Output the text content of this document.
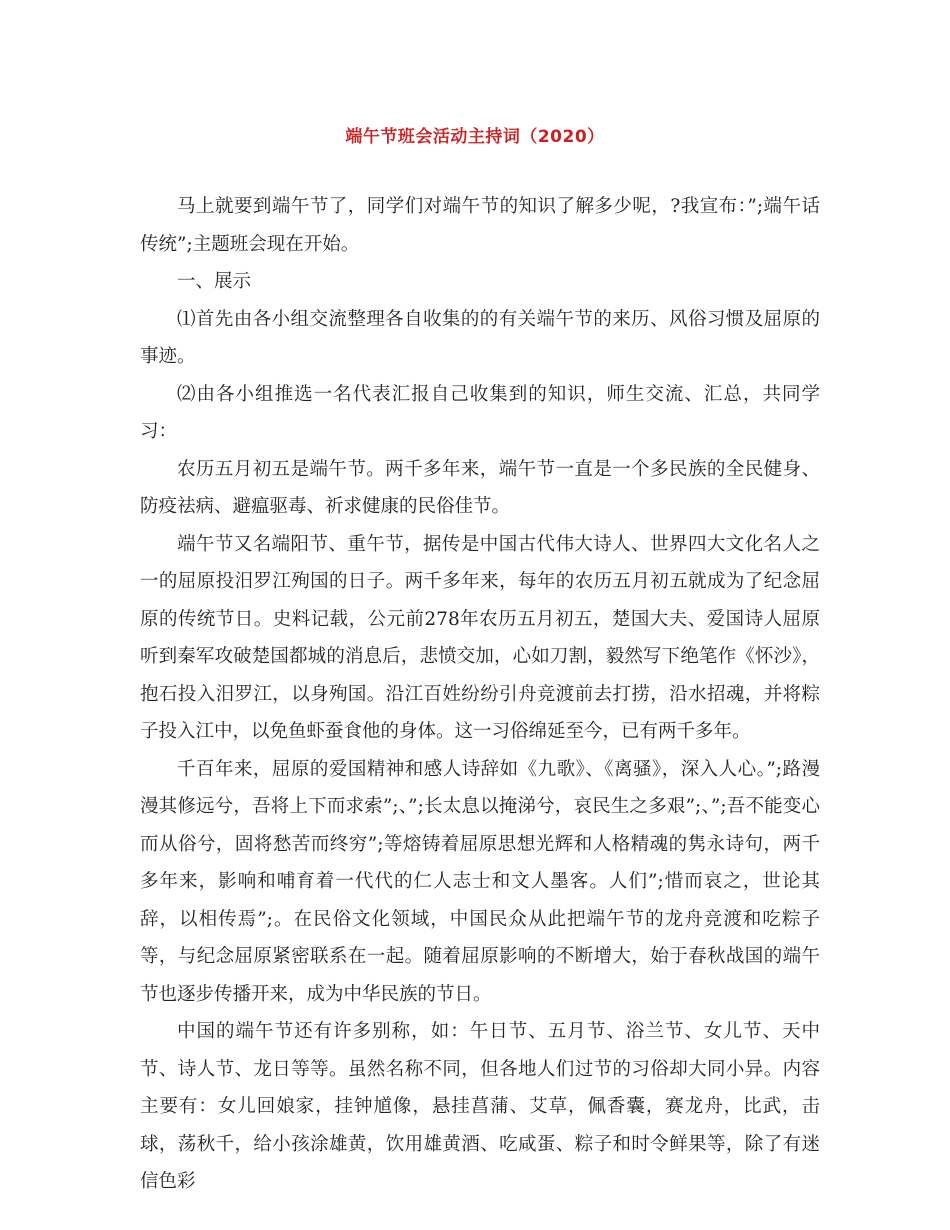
端午节班会活动主持词（2020）

马上就要到端午节了，同学们对端午节的知识了解多少呢，?我宣布：”;端午话传统”;主题班会现在开始。

一、展示

⑴首先由各小组交流整理各自收集的的有关端午节的来历、风俗习惯及屈原的事迹。

⑵由各小组推选一名代表汇报自己收集到的知识，师生交流、汇总，共同学习：

农历五月初五是端午节。两千多年来，端午节一直是一个多民族的全民健身、防疫祛病、避瘟驱毒、祈求健康的民俗佳节。

端午节又名端阳节、重午节，据传是中国古代伟大诗人、世界四大文化名人之一的屈原投汨罗江殉国的日子。两千多年来，每年的农历五月初五就成为了纪念屈原的传统节日。史料记载，公元前278年农历五月初五，楚国大夫、爱国诗人屈原听到秦军攻破楚国都城的消息后，悲愤交加，心如刀割，毅然写下绝笔作《怀沙》，抱石投入汨罗江，以身殉国。沿江百姓纷纷引舟竞渡前去打捞，沿水招魂，并将粽子投入江中，以免鱼虾蚕食他的身体。这一习俗绵延至今，已有两千多年。

千百年来，屈原的爱国精神和感人诗辞如《九歌》、《离骚》，深入人心。”;路漫漫其修远兮，吾将上下而求索”;、”;长太息以掩涕兮，哀民生之多艰”;、”;吾不能变心而从俗兮，固将愁苦而终穷”;等熔铸着屈原思想光辉和人格精魂的隽永诗句，两千多年来，影响和哺育着一代代的仁人志士和文人墨客。人们”;惜而哀之，世论其辞，以相传焉”;。在民俗文化领域，中国民众从此把端午节的龙舟竞渡和吃粽子等，与纪念屈原紧密联系在一起。随着屈原影响的不断增大，始于春秋战国的端午节也逐步传播开来，成为中华民族的节日。

中国的端午节还有许多别称，如：午日节、五月节、浴兰节、女儿节、天中节、诗人节、龙日等等。虽然名称不同，但各地人们过节的习俗却大同小异。内容主要有：女儿回娘家，挂钟馗像，悬挂菖蒲、艾草，佩香囊，赛龙舟，比武，击球，荡秋千，给小孩涂雄黄，饮用雄黄酒、吃咸蛋、粽子和时令鲜果等，除了有迷信色彩
